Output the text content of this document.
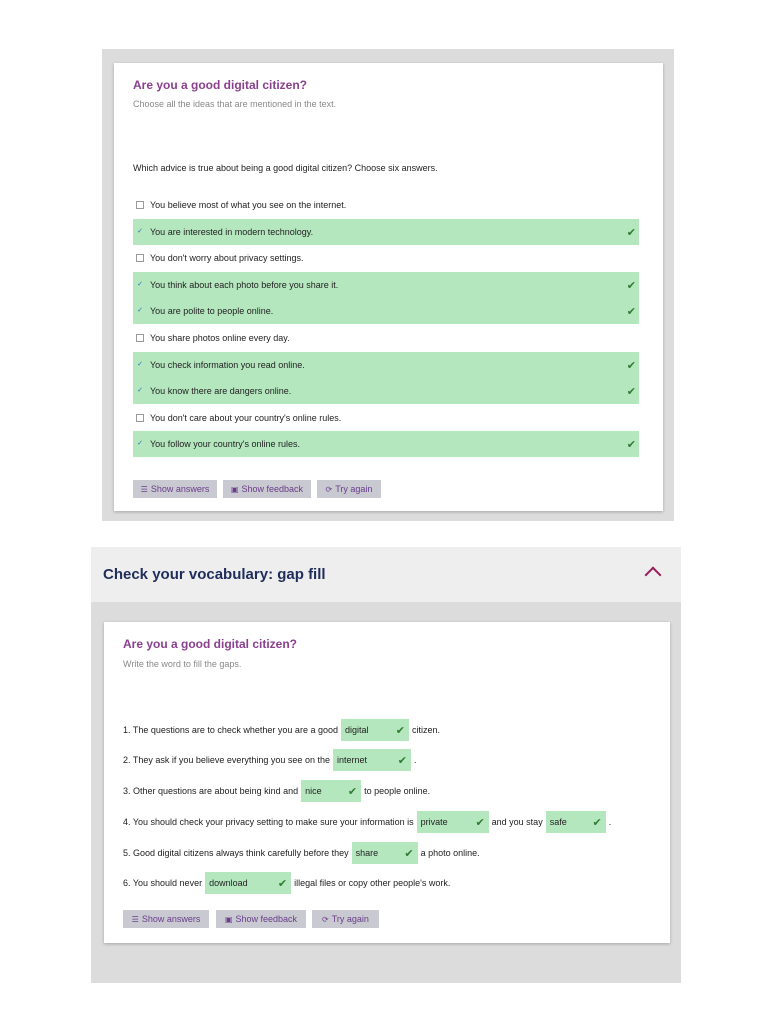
Are you a good digital citizen?
Choose all the ideas that are mentioned in the text.
Which advice is true about being a good digital citizen? Choose six answers.
You believe most of what you see on the internet.
✓ You are interested in modern technology.	✔
You don't worry about privacy settings.
✓ You think about each photo before you share it.	✔
✓ You are polite to people online.	✔
You share photos online every day.
✓ You check information you read online.	✔
✓ You know there are dangers online.	✔
You don't care about your country's online rules.
✓ You follow your country's online rules.	✔
☰ Show answers	▣ Show feedback	⟳ Try again
Check your vocabulary: gap fill
Are you a good digital citizen?
Write the word to fill the gaps.
1. The questions are to check whether you are a good digital ✔ citizen.
2. They ask if you believe everything you see on the internet	✔ .
3. Other questions are about being kind and nice ✔ to people online.
4. You should check your privacy setting to make sure your information is private	✔ and you stay safe ✔ .
5. Good digital citizens always think carefully before they share ✔ a photo online.
6. You should never download	✔ illegal files or copy other people's work.
☰ Show answers	▣ Show feedback	⟳ Try again
